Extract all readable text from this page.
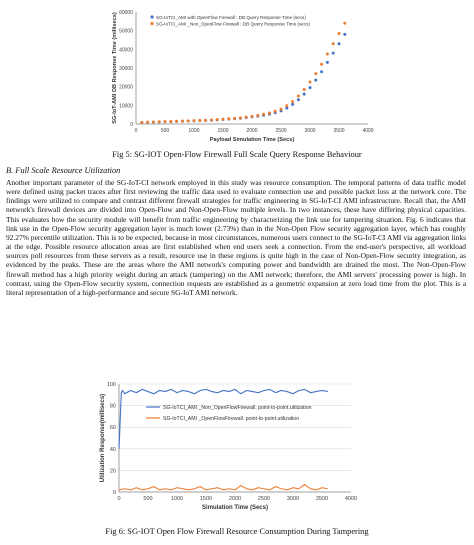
0
10000
20000
30000
40000
50000
60000
0	500	1000	1500	2000	2500	3000	3500	4000
Payload Simulation Time (Secs)
SG-IoT-AMI DB Response Time (millisecs)	SG-IoTCI_AMI with OpenFlow Firewall : DB Query Response Time (secs)
SG-IoTCI_AMI _Non_OpenFlow Firewall : DB Query Response Time (secs)
Fig 5: SG-IOT Open-Flow Firewall Full Scale Query Response Behaviour
B. Full Scale Resource Utilization

Another important parameter of the SG-IoT-CI network employed in this study was resource consumption. The temporal patterns of data traffic model were defined using packet traces after first reviewing the traffic data used to evaluate connection use and possible packet loss at the network core. The findings were utilized to compare and contrast different firewall strategies for traffic engineering in SG-IoT-CI AMI infrastructure. Recall that, the AMI network's firewall devices are divided into Open-Flow and Non-Open-Flow multiple levels. In two instances, these have differing physical capacities. This evaluates how the security module will benefit from traffic engineering by characterizing the link use for tampering situation. Fig. 6 indicates that link use in the Open-Flow security aggregation layer is much lower (2.73%) than in the Non-Open Flow security aggregation layer, which has roughly 92.27% percentile utilization. This is to be expected, because in most circumstances, numerous users connect to the SG-IoT-CI AMI via aggregation links at the edge. Possible resource allocation areas are first established when end users seek a connection. From the end-user's perspective, all workload sources poll resources from these servers as a result, resource use in these regions is quite high in the case of Non-Open-Flow security integration, as evidenced by the peaks. These are the areas where the AMI network's computing power and bandwidth are drained the most. The Non-Open-Flow firewall method has a high priority weight during an attack (tampering) on the AMI network; therefore, the AMI servers' processing power is high. In contrast, using the Open-Flow security system, connection requests are established as a geometric expansion at zero load time from the plot. This is a literal representation of a high-performance and secure SG-IoT AMI network.

0
20
40
60
80
100
0	500	1000	1500	2000	2500	3000	3500	4000
Simulation Time (Secs)
Utilization Response(millisecs)	SG-IoTCI_AMI _Non_OpenFlowFirewall. point-to-point.utilization
SG-IoTCI_AMI _OpenFlowFirewall. point-to-point.utilization
Fig 6: SG-IOT Open Flow Firewall Resource Consumption During Tampering
